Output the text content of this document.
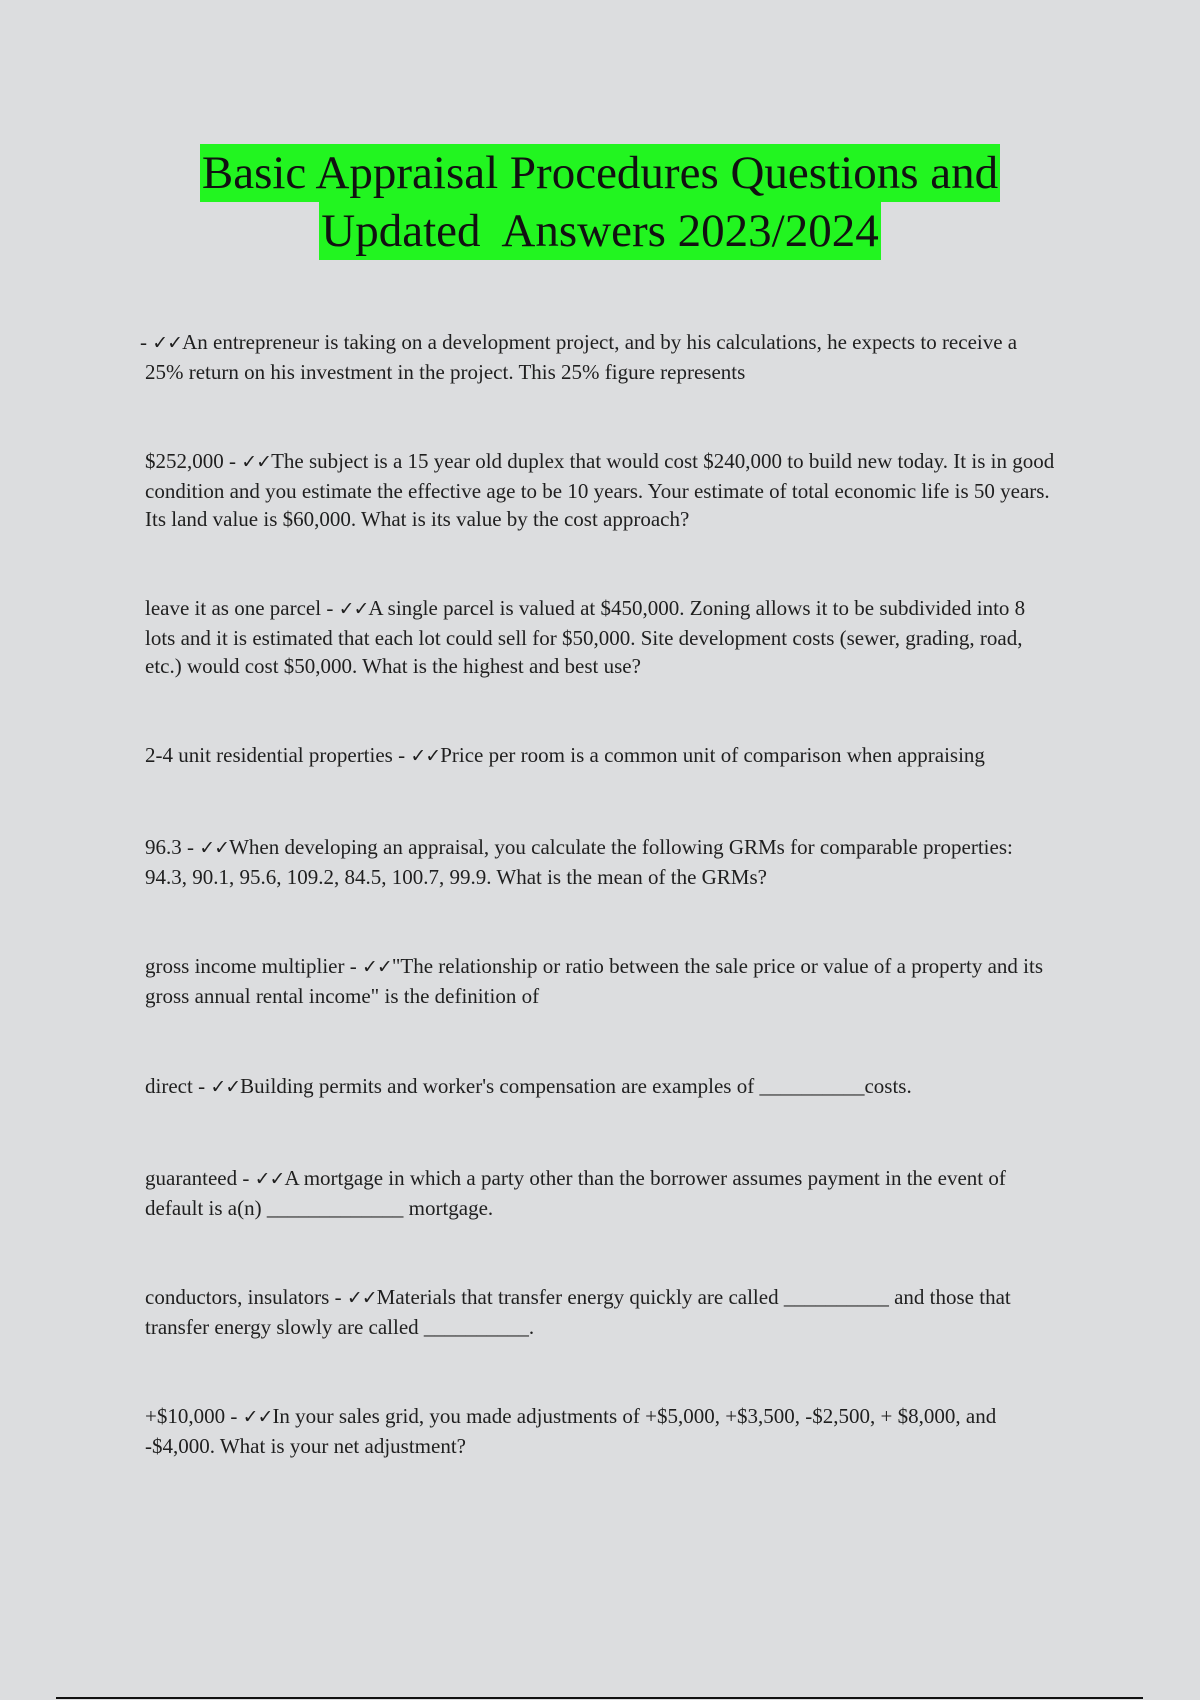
Basic Appraisal Procedures Questions and
Updated  Answers 2023/2024
- ✓✓An entrepreneur is taking on a development project, and by his calculations, he expects to receive a 25% return on his investment in the project. This 25% figure represents
$252,000 - ✓✓The subject is a 15 year old duplex that would cost $240,000 to build new today. It is in good condition and you estimate the effective age to be 10 years. Your estimate of total economic life is 50 years. Its land value is $60,000. What is its value by the cost approach?
leave it as one parcel - ✓✓A single parcel is valued at $450,000. Zoning allows it to be subdivided into 8 lots and it is estimated that each lot could sell for $50,000. Site development costs (sewer, grading, road, etc.) would cost $50,000. What is the highest and best use?
2-4 unit residential properties - ✓✓Price per room is a common unit of comparison when appraising
96.3 - ✓✓When developing an appraisal, you calculate the following GRMs for comparable properties: 94.3, 90.1, 95.6, 109.2, 84.5, 100.7, 99.9. What is the mean of the GRMs?
gross income multiplier - ✓✓"The relationship or ratio between the sale price or value of a property and its gross annual rental income" is the definition of
direct - ✓✓Building permits and worker's compensation are examples of __________costs.
guaranteed - ✓✓A mortgage in which a party other than the borrower assumes payment in the event of default is a(n) _____________ mortgage.
conductors, insulators - ✓✓Materials that transfer energy quickly are called __________ and those that transfer energy slowly are called __________.
+$10,000 - ✓✓In your sales grid, you made adjustments of +$5,000, +$3,500, -$2,500, + $8,000, and -$4,000. What is your net adjustment?
